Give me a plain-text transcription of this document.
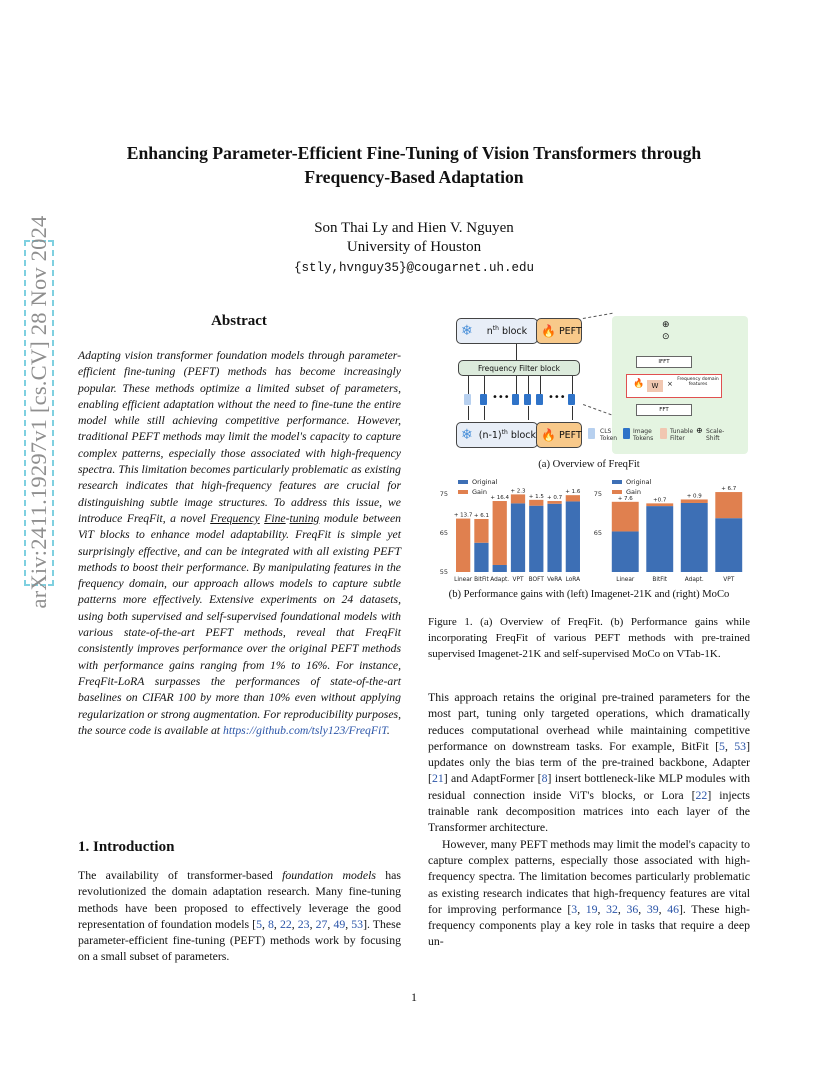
arXiv:2411.19297v1 [cs.CV] 28 Nov 2024
Enhancing Parameter-Efficient Fine-Tuning of Vision Transformers through
Frequency-Based Adaptation
Son Thai Ly and Hien V. Nguyen
University of Houston
{stly,hvnguy35}@cougarnet.uh.edu
Abstract

Adapting vision transformer foundation models through parameter-efficient fine-tuning (PEFT) methods has become increasingly popular. These methods optimize a limited subset of parameters, enabling efficient adaptation without the need to fine-tune the entire model while still achieving competitive performance. However, traditional PEFT methods may limit the model's capacity to capture complex patterns, especially those associated with high-frequency spectra. This limitation becomes particularly problematic as existing research indicates that high-frequency features are crucial for distinguishing subtle image structures. To address this issue, we introduce FreqFit, a novel Frequency Fine-tuning module between ViT blocks to enhance model adaptability. FreqFit is simple yet surprisingly effective, and can be integrated with all existing PEFT methods to boost their performance. By manipulating features in the frequency domain, our approach allows models to capture subtle patterns more effectively. Extensive experiments on 24 datasets, using both supervised and self-supervised foundational models with various state-of-the-art PEFT methods, reveal that FreqFit consistently improves performance over the original PEFT methods with performance gains ranging from 1% to 16%. For instance, FreqFit-LoRA surpasses the performances of state-of-the-art baselines on CIFAR 100 by more than 10% even without applying regularization or strong augmentation. For reproducibility purposes, the source code is available at https://github.com/tsly123/FreqFiT.

1. Introduction

The availability of transformer-based foundation models has revolutionized the domain adaptation research. Many fine-tuning methods have been proposed to effectively leverage the good representation of foundation models [5, 8, 22, 23, 27, 49, 53]. These parameter-efficient fine-tuning (PEFT) methods work by focusing on a small subset of parameters.

❄ $n^{th}$ block 🔥 PEFT
Frequency Filter block
•••	•••
❄ $(n-1)^{th}$ block 🔥 PEFT
⊕
⊙
IFFT
🔥	W	×
Frequency domain features
FFT
CLS Token
Image Tokens
Tunable Filter
⊕ Scale-Shift
(a) Overview of FreqFit
55
65
75
+ 13.7
Linear
+ 6.1
BitFit
+ 16.4
Adapt.
+ 2.3
VPT
+ 1.5
BOFT
+ 0.7
VeRA
+ 1.6
LoRA
Original
Gain
65
75
+ 7.6
Linear
+0.7
BitFit
+ 0.9
Adapt.
+ 6.7
VPT
Original
Gain
(b) Performance gains with (left) Imagenet-21K and (right) MoCo

Figure 1. (a) Overview of FreqFit. (b) Performance gains while incorporating FreqFit of various PEFT methods with pre-trained supervised Imagenet-21K and self-supervised MoCo on VTab-1K.

This approach retains the original pre-trained parameters for the most part, tuning only targeted operations, which dramatically reduces computational overhead while maintaining competitive performance on downstream tasks. For example, BitFit [5, 53] updates only the bias term of the pre-trained backbone, Adapter [21] and AdaptFormer [8] insert bottleneck-like MLP modules with residual connection inside ViT's blocks, or Lora [22] injects trainable rank decomposition matrices into each layer of the Transformer architecture.

However, many PEFT methods may limit the model's capacity to capture complex patterns, especially those associated with high-frequency spectra. The limitation becomes particularly problematic as existing research indicates that high-frequency features are vital for improving performance [3, 19, 32, 36, 39, 46]. These high-frequency components play a key role in tasks that require a deep un-

1
